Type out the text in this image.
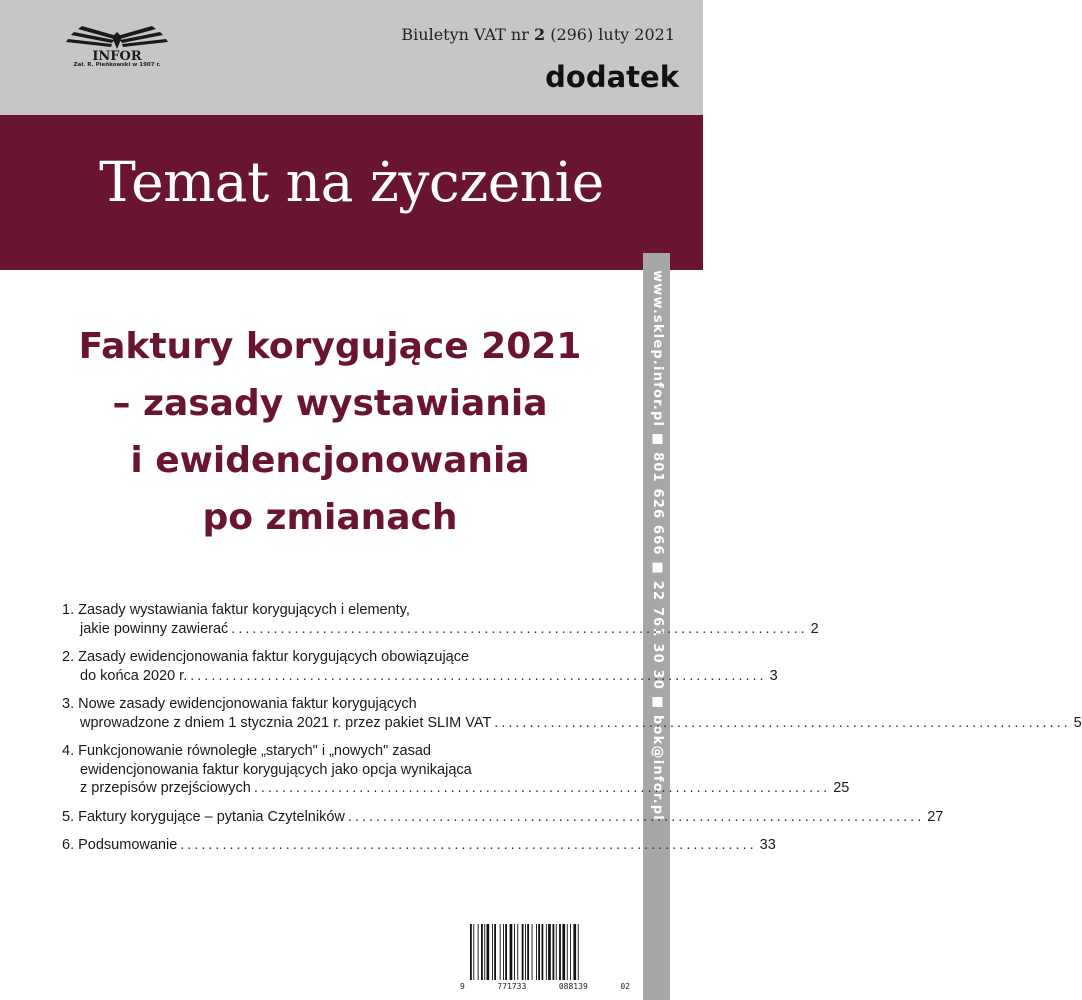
INFOR
Zał. R. Pieńkowski w 1907 r.
Biuletyn VAT nr 2 (296) luty 2021
dodatek
Temat na życzenie
www.sklep.infor.pl ■ 801 626 666 ■ 22 761 30 30 ■ bok@infor.pl
Faktury korygujące 2021
– zasady wystawiania
i ewidencjonowania
po zmianach
1. Zasady wystawiania faktur korygujących i elementy,
jakie powinny zawierać .................................................................................. 2
2. Zasady ewidencjonowania faktur korygujących obowiązujące
do końca 2020 r. .................................................................................. 3
3. Nowe zasady ewidencjonowania faktur korygujących
wprowadzone z dniem 1 stycznia 2021 r. przez pakiet SLIM VAT .................................................................................. 5
4. Funkcjonowanie równoległe „starych" i „nowych" zasad
ewidencjonowania faktur korygujących jako opcja wynikająca
z przepisów przejściowych .................................................................................. 25
5. Faktury korygujące – pytania Czytelników .................................................................................. 27
6. Podsumowanie .................................................................................. 33
9	771733	088139	02
